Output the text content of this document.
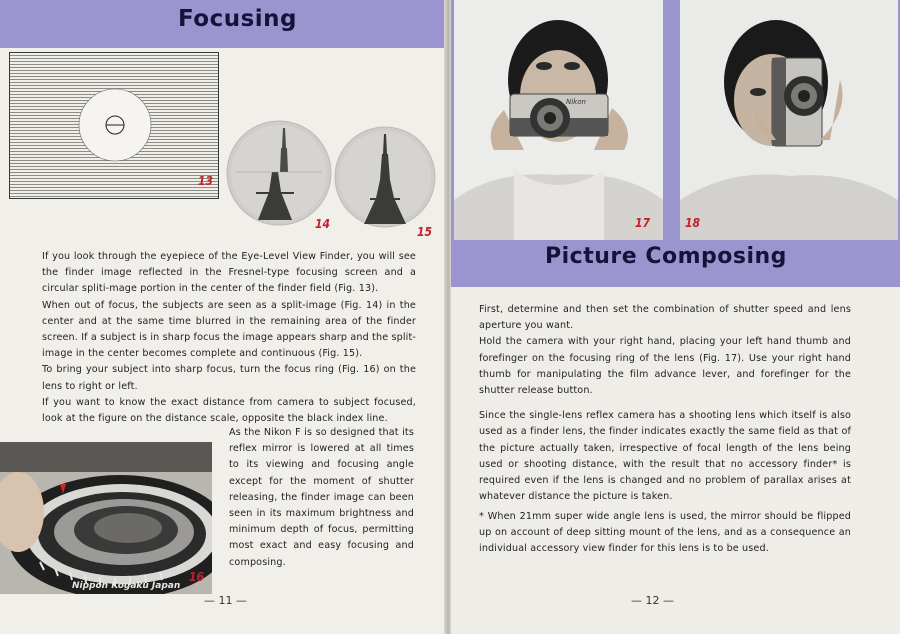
Focusing
13
14
15

If you look through the eyepiece of the Eye-Level View Finder, you will see the finder image reflected in the Fresnel-type focusing screen and a circular spliti-mage portion in the center of the finder field (Fig. 13).

When out of focus, the subjects are seen as a split-image (Fig. 14) in the center and at the same time blurred in the remaining area of the finder screen. If a subject is in sharp focus the image appears sharp and the split-image in the center becomes complete and continuous (Fig. 15).

To bring your subject into sharp focus, turn the focus ring (Fig. 16) on the lens to right or left.

If you want to know the exact distance from camera to subject focused, look at the figure on the distance scale, opposite the black index line.

Nippon Kogaku Japan
16

As the Nikon F is so designed that its reflex mirror is lowered at all times to its viewing and focusing angle except for the moment of shutter releasing, the finder image can been seen in its maximum brightness and minimum depth of focus, permitting most exact and easy focusing and composing.

— 11 —
Nikon
17	18
Picture Composing

First, determine and then set the combination of shutter speed and lens aperture you want.

Hold the camera with your right hand, placing your left hand thumb and forefinger on the focusing ring of the lens (Fig. 17). Use your right hand thumb for manipulating the film advance lever, and forefinger for the shutter release button.

Since the single-lens reflex camera has a shooting lens which itself is also used as a finder lens, the finder indicates exactly the same field as that of the picture actually taken, irrespective of focal length of the lens being used or shooting distance, with the result that no accessory finder* is required even if the lens is changed and no problem of parallax arises at whatever distance the picture is taken.

* When 21mm super wide angle lens is used, the mirror should be flipped up on account of deep sitting mount of the lens, and as a consequence an individual accessory view finder for this lens is to be used.

— 12 —
